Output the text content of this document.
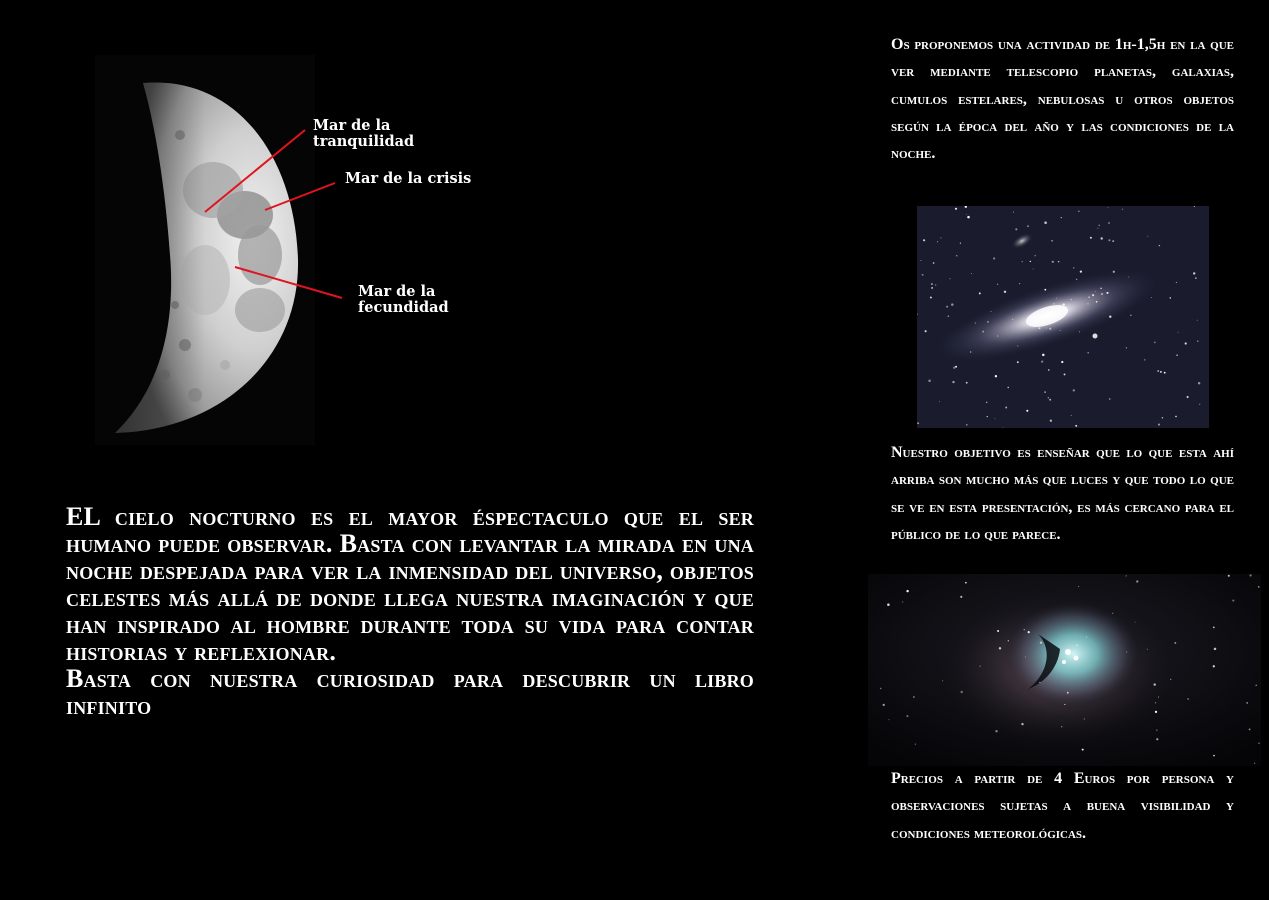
Mar de la
tranquilidad
Mar de la crisis
Mar de la
fecundidad

EL cielo nocturno es el mayor éspectaculo que el ser humano puede observar. Basta con levantar la mirada en una noche despejada para ver la inmensidad del universo, objetos celestes más allá de donde llega nuestra imaginación y que han inspirado al hombre durante toda su vida para contar historias y reflexionar.

Basta con nuestra curiosidad para descubrir un libro infinito

Os proponemos una actividad de 1h-1,5h en la que ver mediante telescopio planetas, galaxias, cumulos estelares, nebulosas u otros objetos según la época del año y las condiciones de la noche.

Nuestro objetivo es enseñar que lo que esta ahí arriba son mucho más que luces y que todo lo que se ve en esta presentación, es más cercano para el público de lo que parece.

Precios a partir de 4 Euros por persona y observaciones sujetas a buena visibilidad y condiciones meteorológicas.
